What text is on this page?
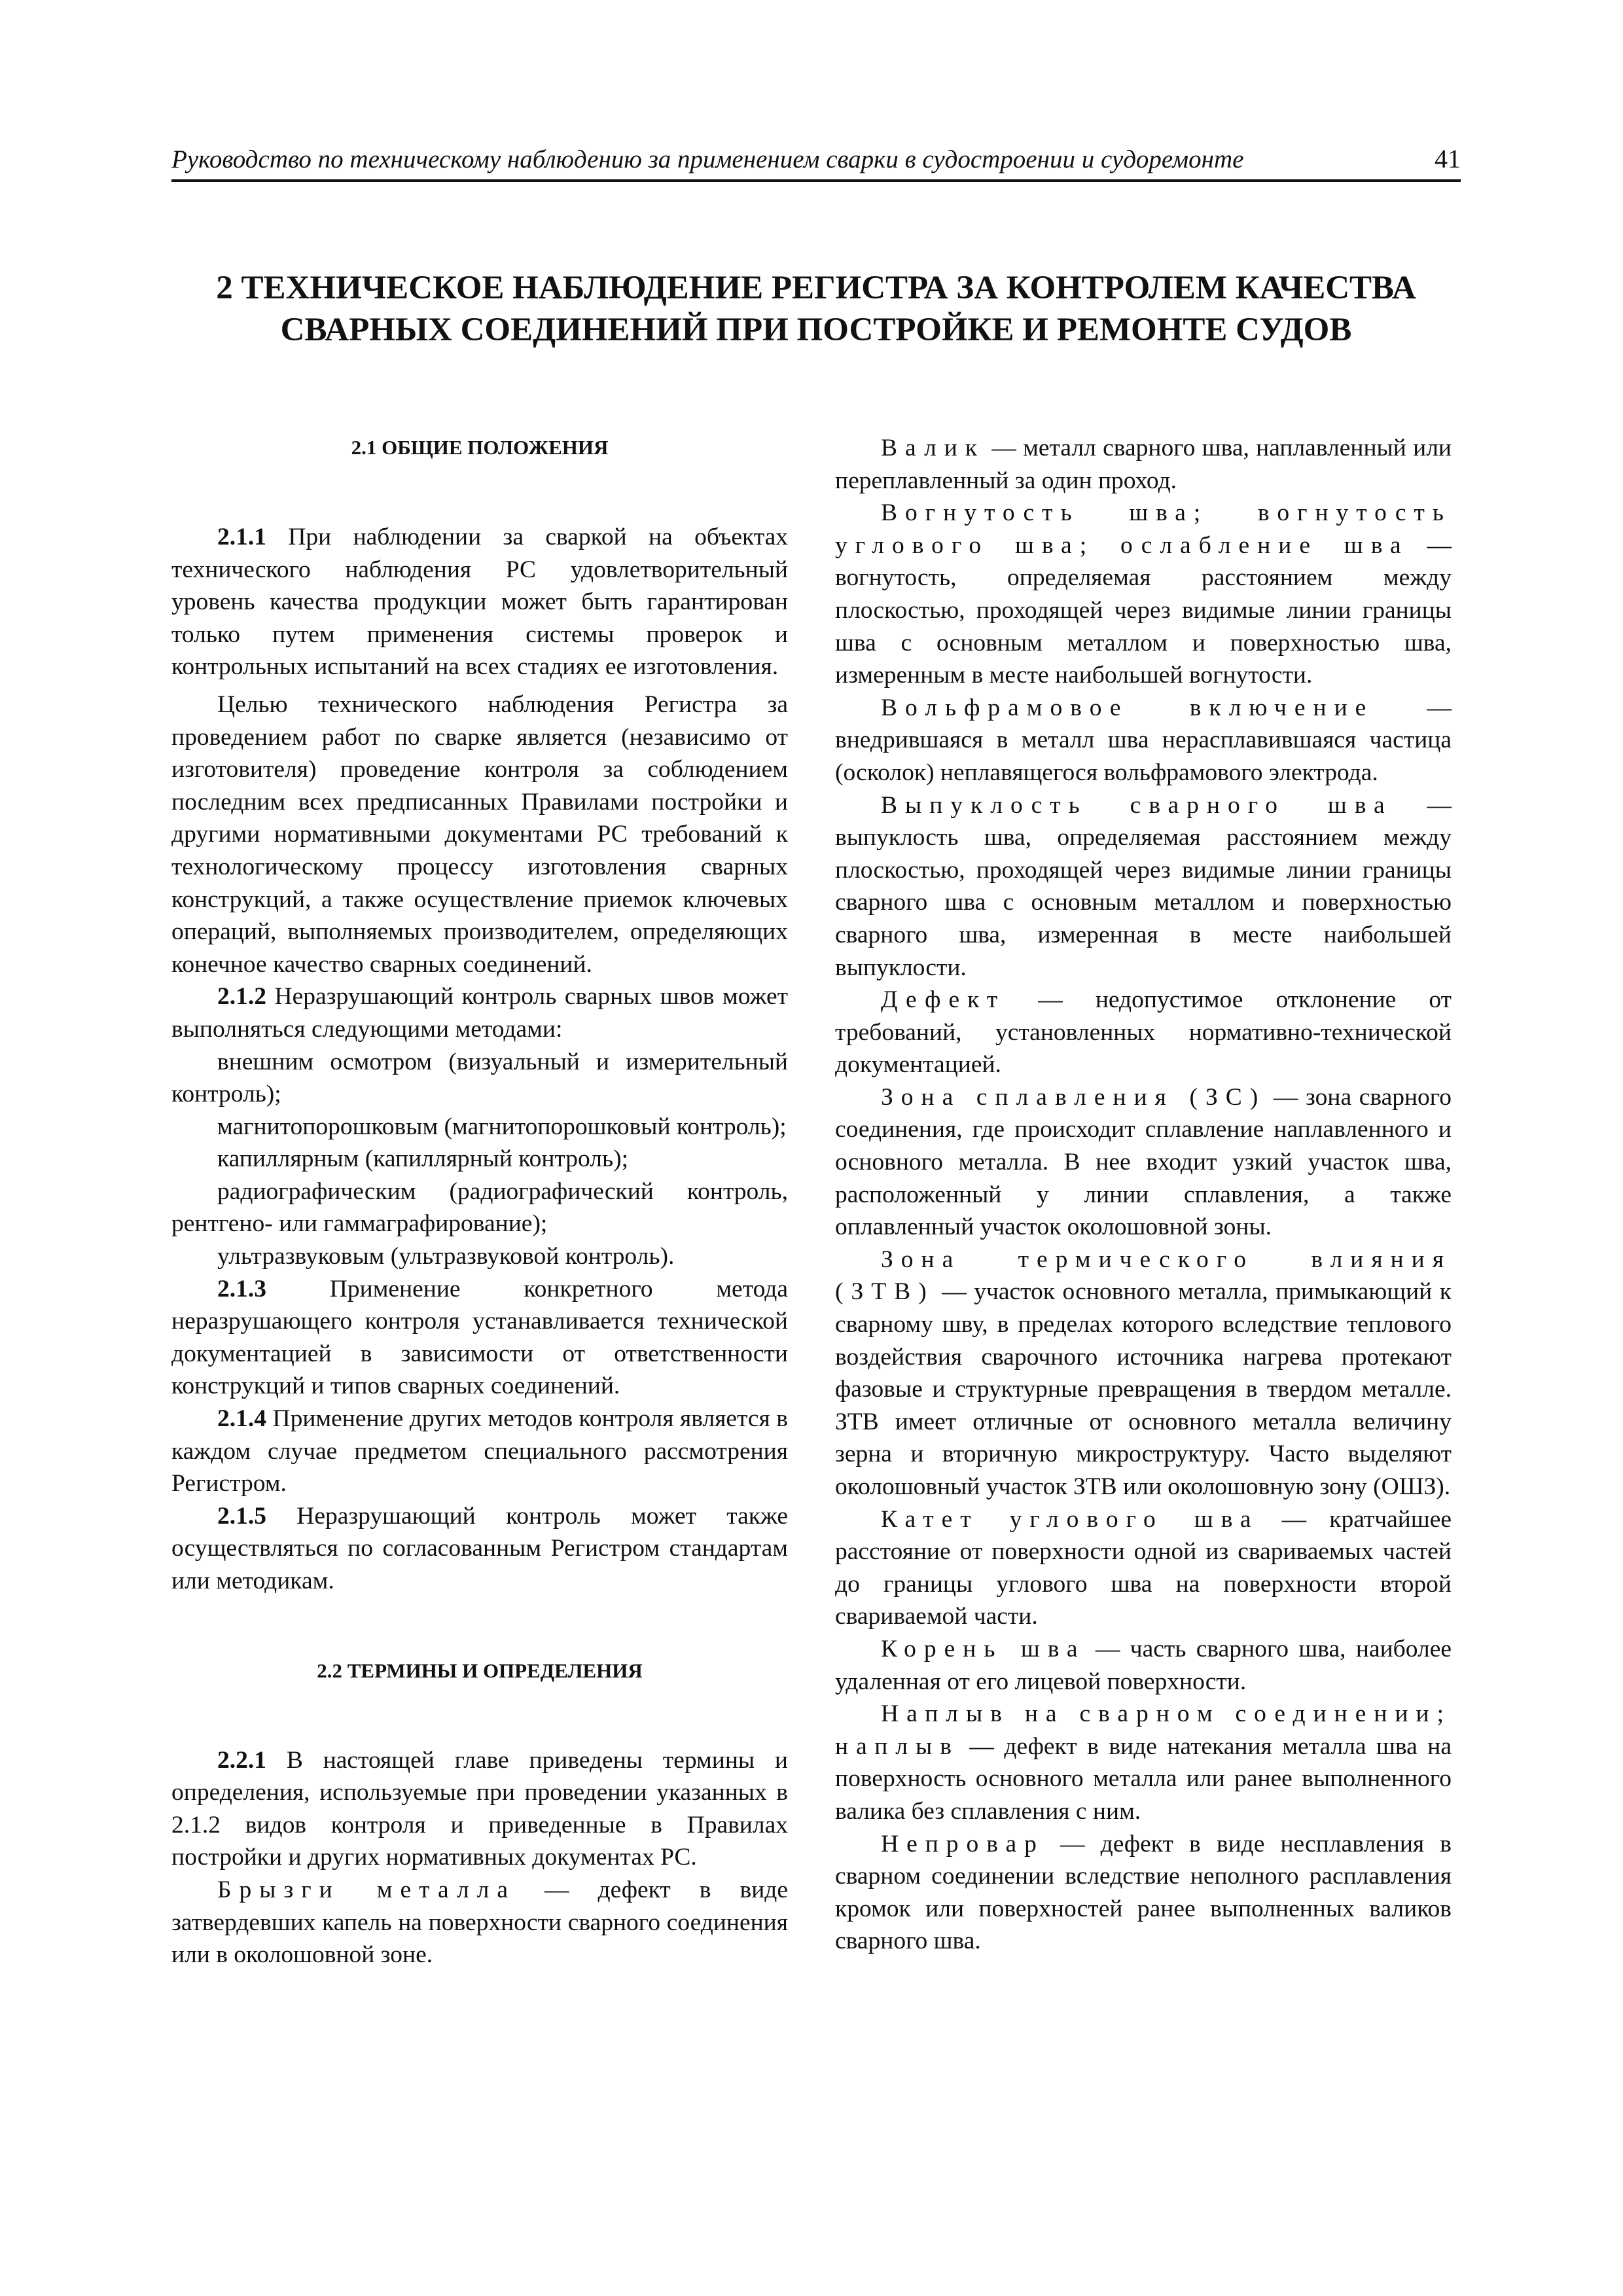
Руководство по техническому наблюдению за применением сварки в судостроении и судоремонте	41
2 ТЕХНИЧЕСКОЕ НАБЛЮДЕНИЕ РЕГИСТРА ЗА КОНТРОЛЕМ КАЧЕСТВА
СВАРНЫХ СОЕДИНЕНИЙ ПРИ ПОСТРОЙКЕ И РЕМОНТЕ СУДОВ
2.1 ОБЩИЕ ПОЛОЖЕНИЯ

2.1.1 При наблюдении за сваркой на объектах технического наблюдения РС удовлетворительный уровень качества продукции может быть гарантирован только путем применения системы проверок и контрольных испытаний на всех стадиях ее изготовления.

Целью технического наблюдения Регистра за проведением работ по сварке является (независимо от изготовителя) проведение контроля за соблюдением последним всех предписанных Правилами постройки и другими нормативными документами РС требований к технологическому процессу изготовления сварных конструкций, а также осуществление приемок ключевых операций, выполняемых производителем, определяющих конечное качество сварных соединений.

2.1.2 Неразрушающий контроль сварных швов может выполняться следующими методами:

внешним осмотром (визуальный и измерительный контроль);

магнитопорошковым (магнитопорошковый контроль);

капиллярным (капиллярный контроль);

радиографическим (радиографический контроль, рентгено- или гаммаграфирование);

ультразвуковым (ультразвуковой контроль).

2.1.3 Применение конкретного метода неразрушающего контроля устанавливается технической документацией в зависимости от ответственности конструкций и типов сварных соединений.

2.1.4 Применение других методов контроля является в каждом случае предметом специального рассмотрения Регистром.

2.1.5 Неразрушающий контроль может также осуществляться по согласованным Регистром стандартам или методикам.

2.2 ТЕРМИНЫ И ОПРЕДЕЛЕНИЯ

2.2.1 В настоящей главе приведены термины и определения, используемые при проведении указанных в 2.1.2 видов контроля и приведенные в Правилах постройки и других нормативных документах РС.

Брызги металла — дефект в виде затвердевших капель на поверхности сварного соединения или в околошовной зоне.

Валик — металл сварного шва, наплавленный или переплавленный за один проход.

Вогнутость шва; вогнутость углового шва; ослабление шва — вогнутость, определяемая расстоянием между плоскостью, проходящей через видимые линии границы шва с основным металлом и поверхностью шва, измеренным в месте наибольшей вогнутости.

Вольфрамовое включение — внедрившаяся в металл шва нерасплавившаяся частица (осколок) неплавящегося вольфрамового электрода.

Выпуклость сварного шва — выпуклость шва, определяемая расстоянием между плоскостью, проходящей через видимые линии границы сварного шва с основным металлом и поверхностью сварного шва, измеренная в месте наибольшей выпуклости.

Дефект — недопустимое отклонение от требований, установленных нормативно-технической документацией.

Зона сплавления (ЗС) — зона сварного соединения, где происходит сплавление наплавленного и основного металла. В нее входит узкий участок шва, расположенный у линии сплавления, а также оплавленный участок околошовной зоны.

Зона термического влияния (ЗТВ) — участок основного металла, примыкающий к сварному шву, в пределах которого вследствие теплового воздействия сварочного источника нагрева протекают фазовые и структурные превращения в твердом металле. ЗТВ имеет отличные от основного металла величину зерна и вторичную микроструктуру. Часто выделяют околошовный участок ЗТВ или околошовную зону (ОШЗ).

Катет углового шва — кратчайшее расстояние от поверхности одной из свариваемых частей до границы углового шва на поверхности второй свариваемой части.

Корень шва — часть сварного шва, наиболее удаленная от его лицевой поверхности.

Наплыв на сварном соединении; наплыв — дефект в виде натекания металла шва на поверхность основного металла или ранее выполненного валика без сплавления с ним.

Непровар — дефект в виде несплавления в сварном соединении вследствие неполного расплавления кромок или поверхностей ранее выполненных валиков сварного шва.
